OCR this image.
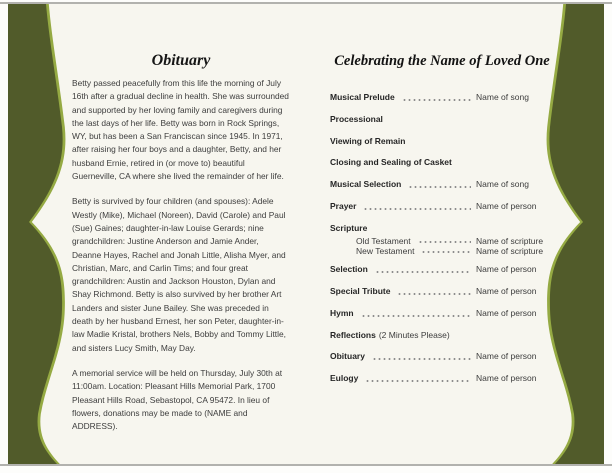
Obituary

Betty passed peacefully from this life the morning of July 16th after a gradual decline in health. She was surrounded and supported by her loving family and caregivers during the last days of her life. Betty was born in Rock Springs, WY, but has been a San Franciscan since 1945. In 1971, after raising her four boys and a daughter, Betty, and her husband Ernie, retired in (or move to) beautiful Guerneville, CA where she lived the remainder of her life.

Betty is survived by four children (and spouses): Adele Westly (Mike), Michael (Noreen), David (Carole) and Paul (Sue) Gaines; daughter-in-law Louise Gerards; nine grandchildren: Justine Anderson and Jamie Ander, Deanne Hayes, Rachel and Jonah Little, Alisha Myer, and Christian, Marc, and Carlin Tims; and four great grandchildren: Austin and Jackson Houston, Dylan and Shay Richmond. Betty is also survived by her brother Art Landers and sister June Bailey. She was preceded in death by her husband Ernest, her son Peter, daughter-in-law Madie Kristal, brothers Nels, Bobby and Tommy Little, and sisters Lucy Smith, May Day.

A memorial service will be held on Thursday, July 30th at 11:00am. Location: Pleasant Hills Memorial Park, 1700 Pleasant Hills Road, Sebastopol, CA 95472. In lieu of flowers, donations may be made to (NAME and ADDRESS).

Celebrating the Name of Loved One
Musical Prelude	Name of song
Processional
Viewing of Remain
Closing and Sealing of Casket
Musical Selection	Name of song
Prayer	Name of person
Scripture
Old Testament	Name of scripture
New Testament	Name of scripture
Selection	Name of person
Special Tribute	Name of person
Hymn	Name of person
Reflections (2 Minutes Please)
Obituary	Name of person
Eulogy	Name of person
